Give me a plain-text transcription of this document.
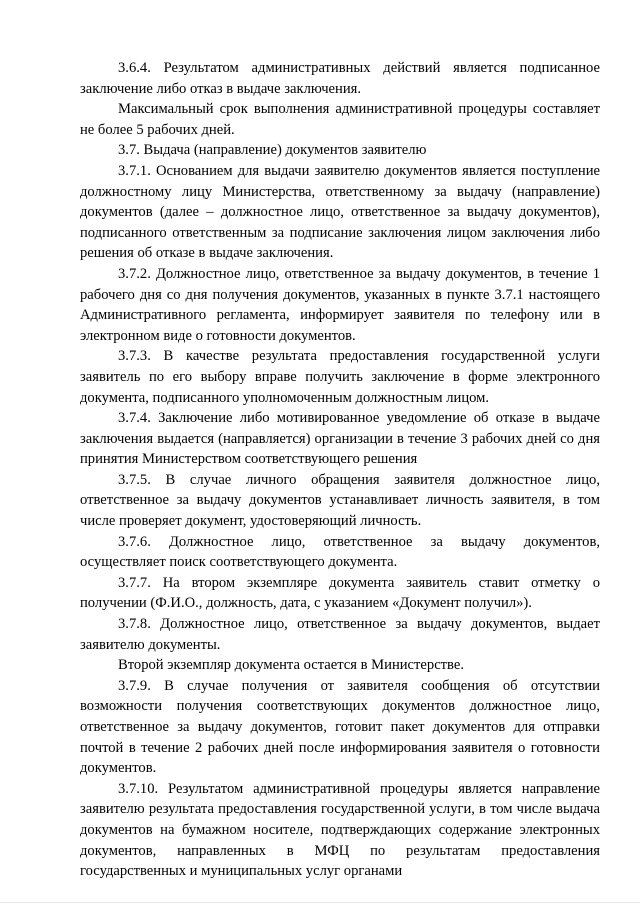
3.6.4. Результатом административных действий является подписанное заключение либо отказ в выдаче заключения.

Максимальный срок выполнения административной процедуры составляет не более 5 рабочих дней.

3.7. Выдача (направление) документов заявителю

3.7.1. Основанием для выдачи заявителю документов является поступление должностному лицу Министерства, ответственному за выдачу (направление) документов (далее – должностное лицо, ответственное за выдачу документов), подписанного ответственным за подписание заключения лицом заключения либо решения об отказе в выдаче заключения.

3.7.2. Должностное лицо, ответственное за выдачу документов, в течение 1 рабочего дня со дня получения документов, указанных в пункте 3.7.1 настоящего Административного регламента, информирует заявителя по телефону или в электронном виде о готовности документов.

3.7.3. В качестве результата предоставления государственной услуги заявитель по его выбору вправе получить заключение в форме электронного документа, подписанного уполномоченным должностным лицом.

3.7.4. Заключение либо мотивированное уведомление об отказе в выдаче заключения выдается (направляется) организации в течение 3 рабочих дней со дня принятия Министерством соответствующего решения

3.7.5. В случае личного обращения заявителя должностное лицо, ответственное за выдачу документов устанавливает личность заявителя, в том числе проверяет документ, удостоверяющий личность.

3.7.6. Должностное лицо, ответственное за выдачу документов, осуществляет поиск соответствующего документа.

3.7.7. На втором экземпляре документа заявитель ставит отметку о получении (Ф.И.О., должность, дата, с указанием «Документ получил»).

3.7.8. Должностное лицо, ответственное за выдачу документов, выдает заявителю документы.

Второй экземпляр документа остается в Министерстве.

3.7.9. В случае получения от заявителя сообщения об отсутствии возможности получения соответствующих документов должностное лицо, ответственное за выдачу документов, готовит пакет документов для отправки почтой в течение 2 рабочих дней после информирования заявителя о готовности документов.

3.7.10. Результатом административной процедуры является направление заявителю результата предоставления государственной услуги, в том числе выдача документов на бумажном носителе, подтверждающих содержание электронных документов, направленных в МФЦ по результатам предоставления государственных и муниципальных услуг органами
